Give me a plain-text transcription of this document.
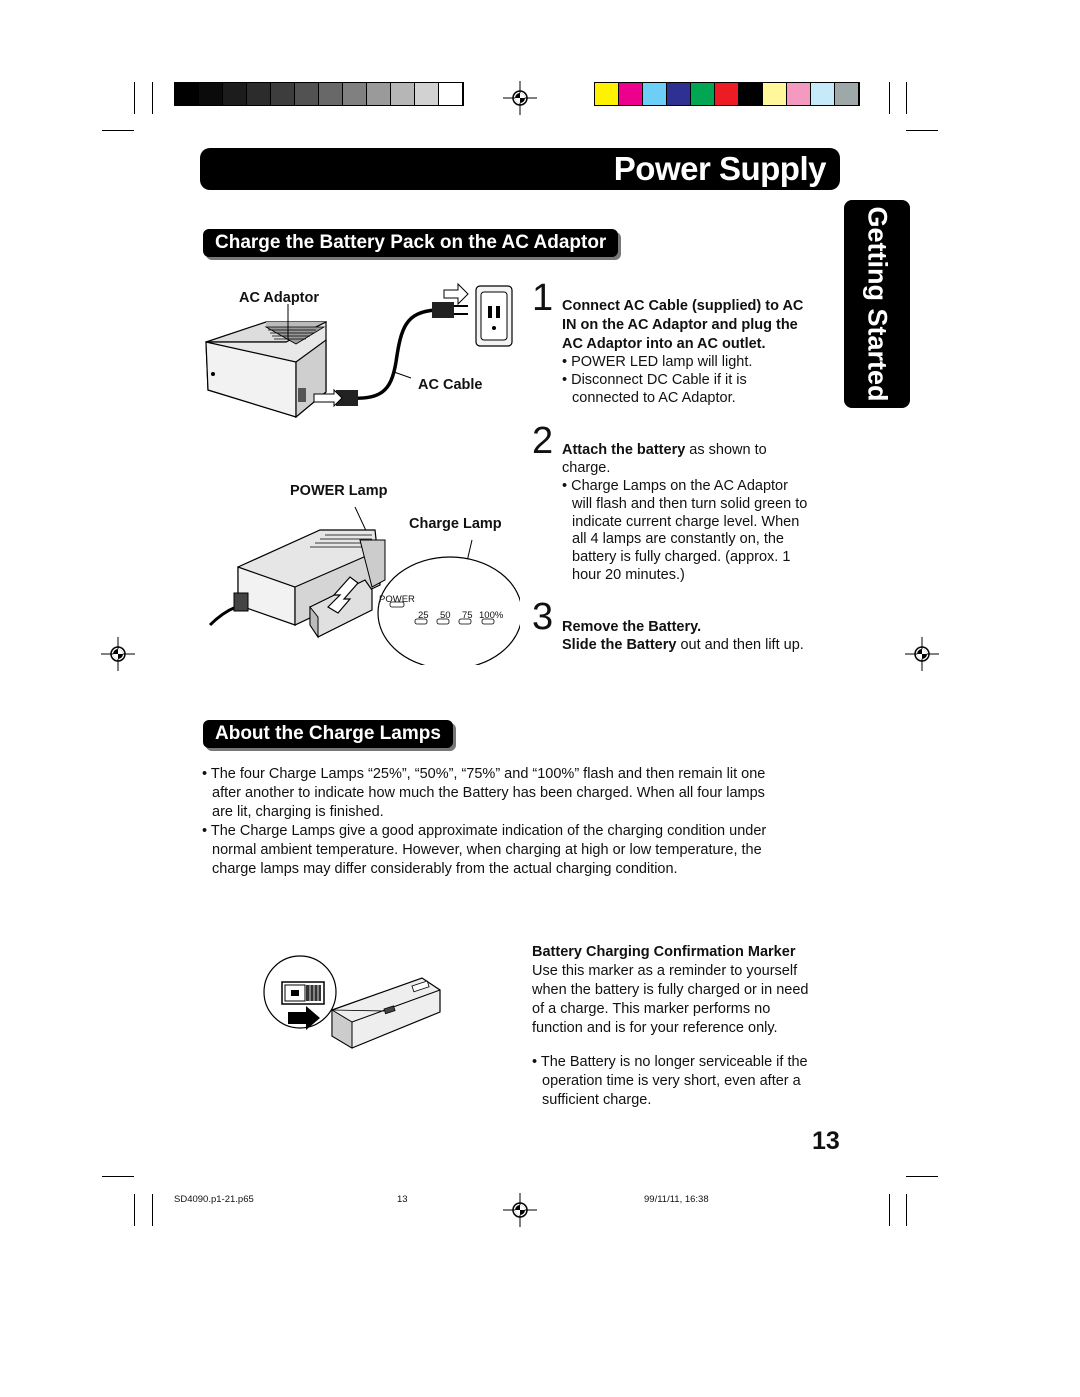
Power Supply
Getting Started
Charge the Battery Pack on the AC Adaptor
AC Adaptor
AC Cable
POWER Lamp
Charge Lamp
POWER
25 50 75 100%
1 Connect AC Cable (supplied) to AC
IN on the AC Adaptor and plug the
AC Adaptor into an AC outlet.
• POWER LED lamp will light.
• Disconnect DC Cable if it is
connected to AC Adaptor.
2 Attach the battery as shown to
charge.
• Charge Lamps on the AC Adaptor
will flash and then turn solid green to
indicate current charge level. When
all 4 lamps are constantly on, the
battery is fully charged. (approx. 1
hour 20 minutes.)
3 Remove the Battery.
Slide the Battery out and then lift up.
About the Charge Lamps
• The four Charge Lamps “25%”, “50%”, “75%” and “100%” flash and then remain lit one
after another to indicate how much the Battery has been charged. When all four lamps
are lit, charging is finished.
• The Charge Lamps give a good approximate indication of the charging condition under
normal ambient temperature. However, when charging at high or low temperature, the
charge lamps may differ considerably from the actual charging condition.
Battery Charging Confirmation Marker
Use this marker as a reminder to yourself
when the battery is fully charged or in need
of a charge. This marker performs no
function and is for your reference only.
• The Battery is no longer serviceable if the
operation time is very short, even after a
sufficient charge.
13
SD4090.p1-21.p65	13	99/11/11, 16:38
